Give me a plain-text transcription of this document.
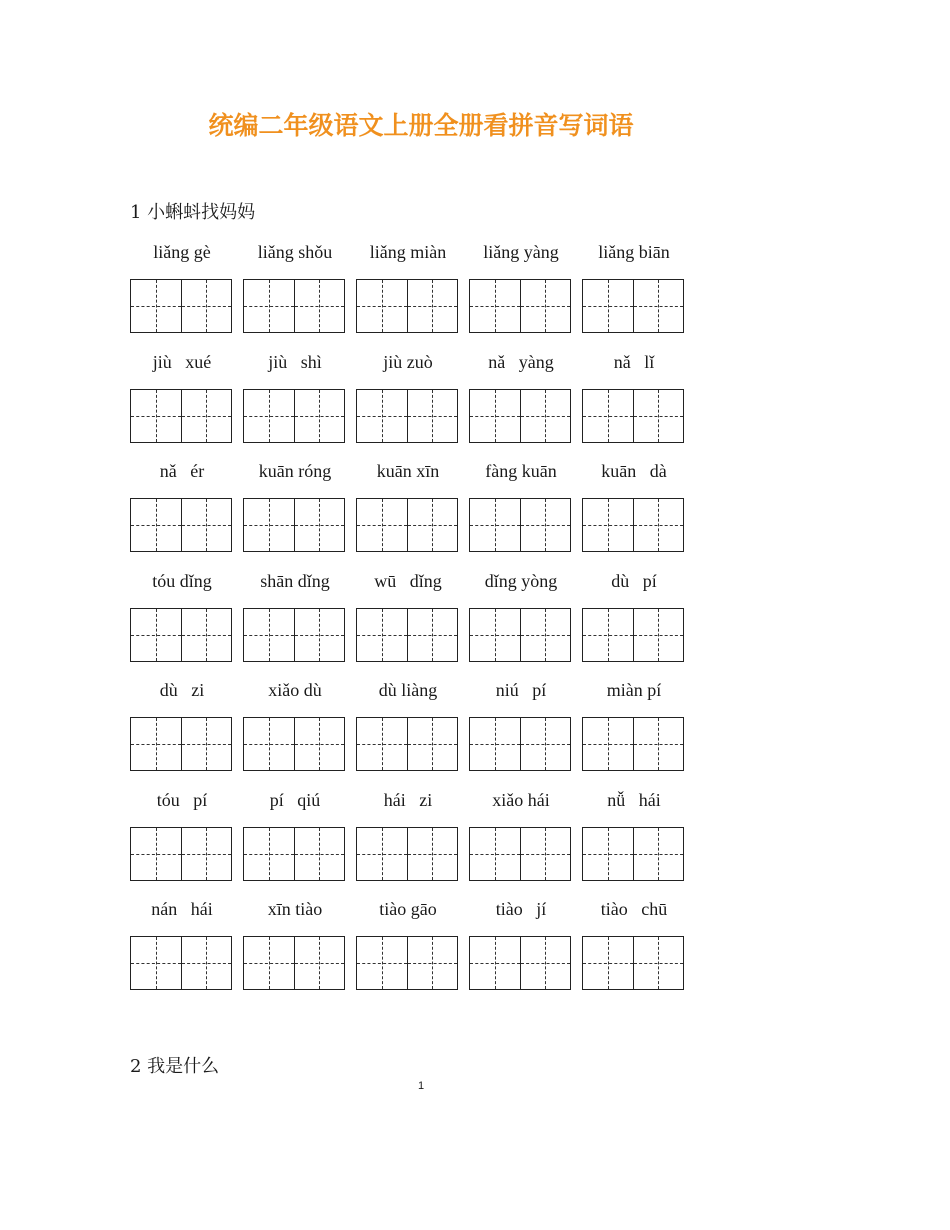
统编二年级语文上册全册看拼音写词语
1 小蝌蚪找妈妈
liǎng gè	liǎng shǒu	liǎng miàn	liǎng yàng	liǎng biān
jiù   xué	jiù   shì	jiù zuò	nǎ   yàng	nǎ   lǐ
nǎ   ér	kuān róng	kuān xīn	fàng kuān	kuān   dà
tóu dǐng	shān dǐng	wū   dǐng	dǐng yòng	dù   pí
dù   zi	xiǎo dù	dù liàng	niú   pí	miàn pí
tóu   pí	pí   qiú	hái   zi	xiǎo hái	nǚ   hái
nán   hái	xīn tiào	tiào gāo	tiào   jí	tiào   chū
2 我是什么
1
